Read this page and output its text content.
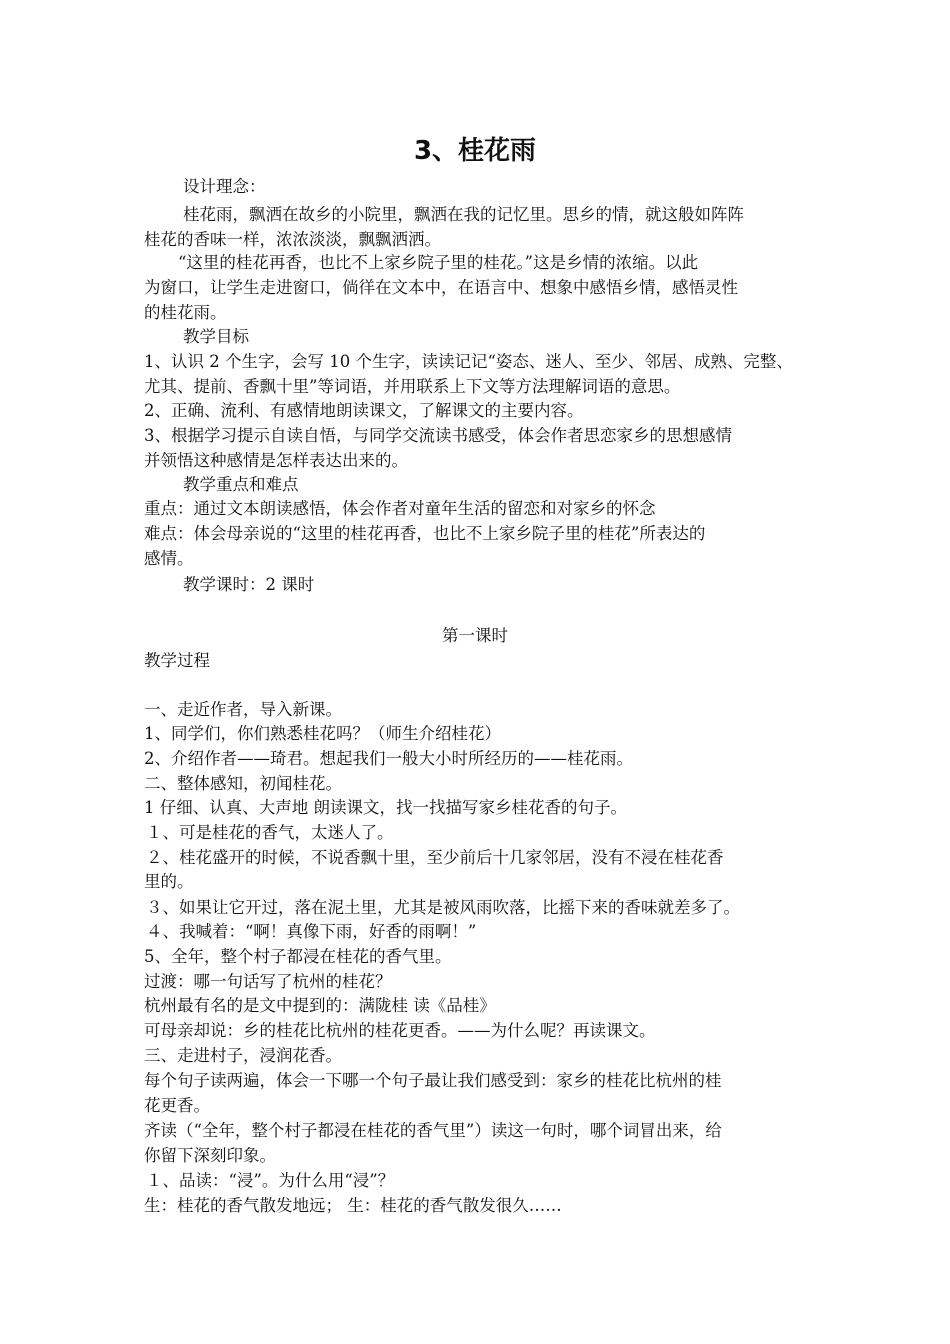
3、桂花雨
设计理念：
桂花雨，飘洒在故乡的小院里，飘洒在我的记忆里。思乡的情，就这般如阵阵
桂花的香味一样，浓浓淡淡，飘飘洒洒。
“这里的桂花再香，也比不上家乡院子里的桂花。”这是乡情的浓缩。以此
为窗口，让学生走进窗口，倘徉在文本中，在语言中、想象中感悟乡情，感悟灵性
的桂花雨。
教学目标
1、认识 2 个生字，会写 10 个生字，读读记记“姿态、迷人、至少、邻居、成熟、完整、
尤其、提前、香飘十里”等词语，并用联系上下文等方法理解词语的意思。
2、正确、流利、有感情地朗读课文，了解课文的主要内容。
3、根据学习提示自读自悟，与同学交流读书感受，体会作者思恋家乡的思想感情
并领悟这种感情是怎样表达出来的。
教学重点和难点
重点：通过文本朗读感悟，体会作者对童年生活的留恋和对家乡的怀念
难点：体会母亲说的“这里的桂花再香，也比不上家乡院子里的桂花”所表达的
感情。
教学课时：2 课时
第一课时
教学过程
一、走近作者，导入新课。
1、同学们，你们熟悉桂花吗？（师生介绍桂花）
2、介绍作者——琦君。想起我们一般大小时所经历的——桂花雨。
二、整体感知，初闻桂花。
1 仔细、认真、大声地 朗读课文，找一找描写家乡桂花香的句子。
１、可是桂花的香气，太迷人了。
２、桂花盛开的时候，不说香飘十里，至少前后十几家邻居，没有不浸在桂花香
里的。
３、如果让它开过，落在泥土里，尤其是被风雨吹落，比摇下来的香味就差多了。
４、我喊着：“啊！真像下雨，好香的雨啊！”
5、全年，整个村子都浸在桂花的香气里。
过渡：哪一句话写了杭州的桂花？
杭州最有名的是文中提到的：满陇桂 读《品桂》
可母亲却说：乡的桂花比杭州的桂花更香。——为什么呢？再读课文。
三、走进村子，浸润花香。
每个句子读两遍，体会一下哪一个句子最让我们感受到：家乡的桂花比杭州的桂
花更香。
齐读（“全年，整个村子都浸在桂花的香气里”）读这一句时，哪个词冒出来，给
你留下深刻印象。
１、品读：“浸”。为什么用“浸”？
生：桂花的香气散发地远； 生：桂花的香气散发很久……
